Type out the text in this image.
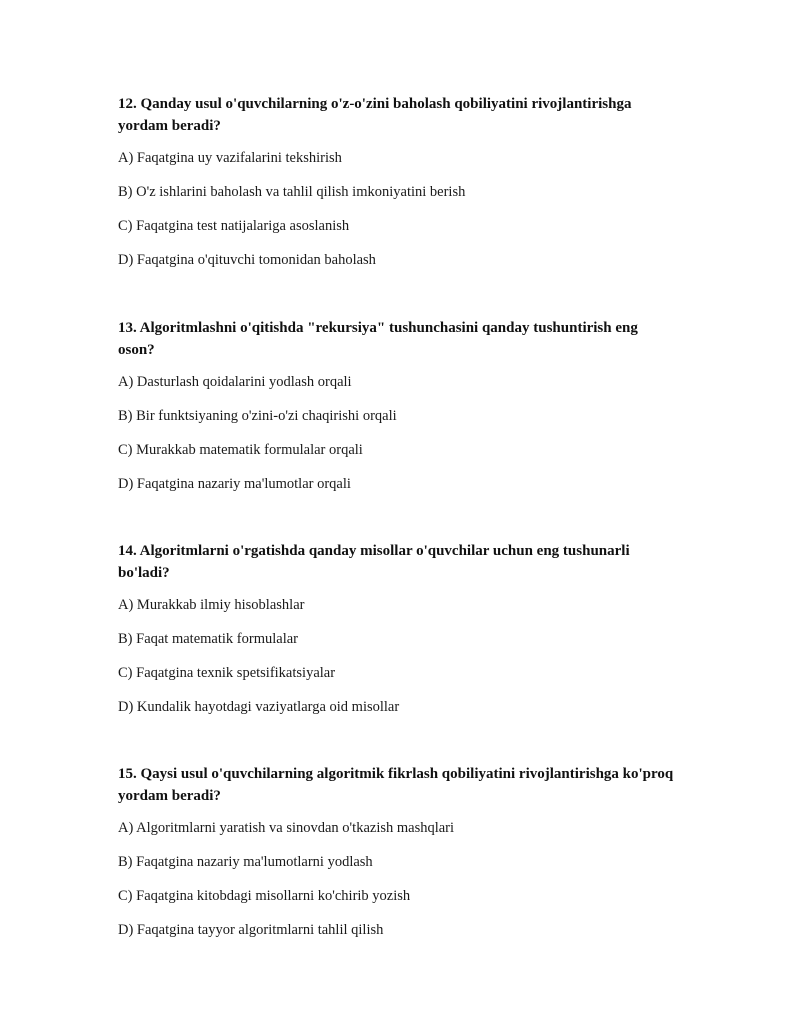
12. Qanday usul o'quvchilarning o'z-o'zini baholash qobiliyatini rivojlantirishga yordam beradi?

A) Faqatgina uy vazifalarini tekshirish
B) O'z ishlarini baholash va tahlil qilish imkoniyatini berish
C) Faqatgina test natijalariga asoslanish
D) Faqatgina o'qituvchi tomonidan baholash

13. Algoritmlashni o'qitishda "rekursiya" tushunchasini qanday tushuntirish eng oson?

A) Dasturlash qoidalarini yodlash orqali
B) Bir funktsiyaning o'zini-o'zi chaqirishi orqali
C) Murakkab matematik formulalar orqali
D) Faqatgina nazariy ma'lumotlar orqali

14. Algoritmlarni o'rgatishda qanday misollar o'quvchilar uchun eng tushunarli bo'ladi?

A) Murakkab ilmiy hisoblashlar
B) Faqat matematik formulalar
C) Faqatgina texnik spetsifikatsiyalar
D) Kundalik hayotdagi vaziyatlarga oid misollar

15. Qaysi usul o'quvchilarning algoritmik fikrlash qobiliyatini rivojlantirishga ko'proq yordam beradi?

A) Algoritmlarni yaratish va sinovdan o'tkazish mashqlari
B) Faqatgina nazariy ma'lumotlarni yodlash
C) Faqatgina kitobdagi misollarni ko'chirib yozish
D) Faqatgina tayyor algoritmlarni tahlil qilish
